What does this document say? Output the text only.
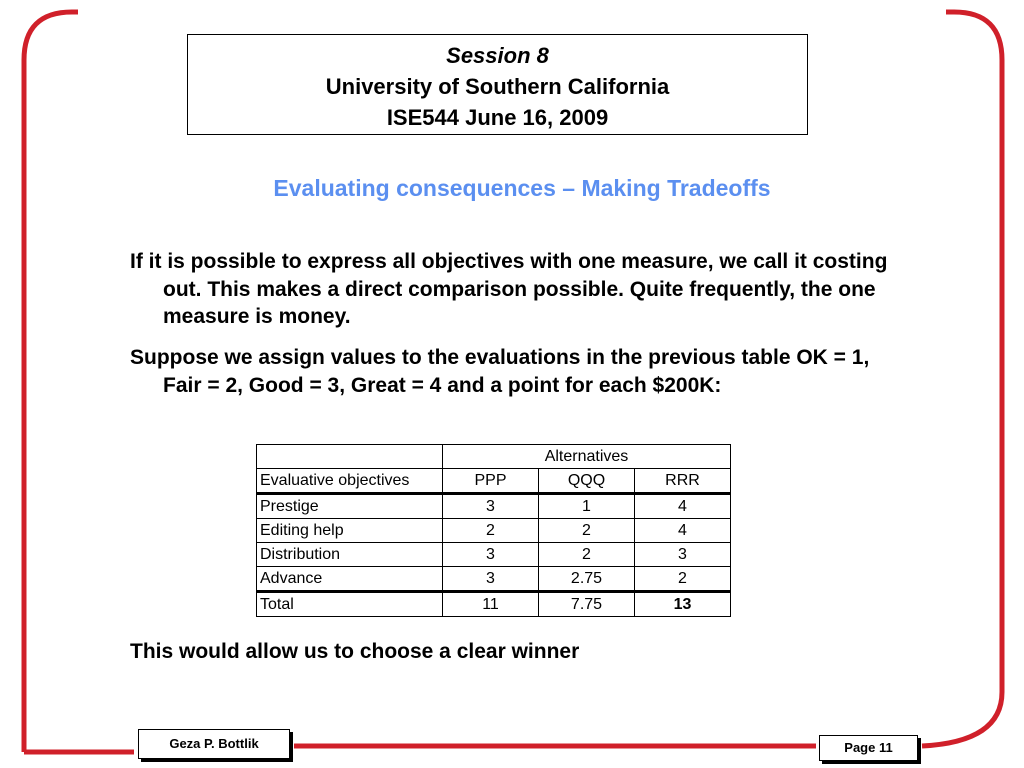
Session 8
University of Southern California
ISE544 June 16, 2009
Evaluating consequences – Making Tradeoffs
If it is possible to express all objectives with one measure, we call it costing out. This makes a direct comparison possible. Quite frequently, the one measure is money.
Suppose we assign values to the evaluations in the previous table OK = 1, Fair = 2, Good = 3, Great = 4 and a point for each $200K:
	Alternatives		
Evaluative objectives	PPP	QQQ	RRR
Prestige	3	1	4
Editing help	2	2	4
Distribution	3	2	3
Advance	3	2.75	2
Total	11	7.75	13
This would allow us to choose a clear winner
Geza P. Bottlik	Page 11
